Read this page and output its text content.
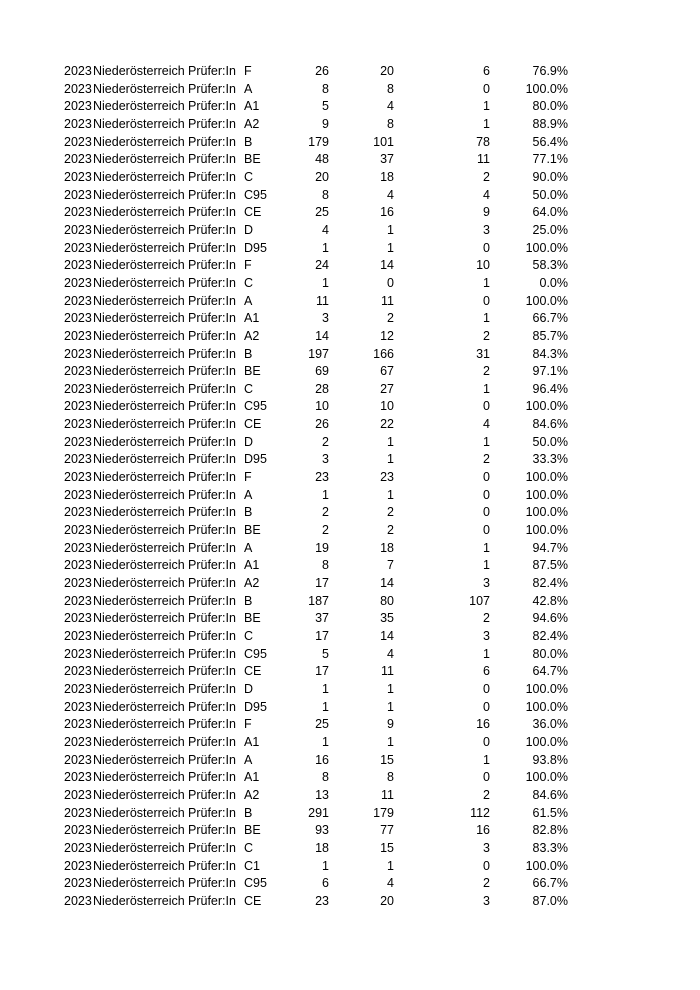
2023 Niederösterreich Prüfer:In F	26	20	6	76.9%
2023 Niederösterreich Prüfer:In A	8	8	0	100.0%
2023 Niederösterreich Prüfer:In A1	5	4	1	80.0%
2023 Niederösterreich Prüfer:In A2	9	8	1	88.9%
2023 Niederösterreich Prüfer:In B	179	101	78	56.4%
2023 Niederösterreich Prüfer:In BE	48	37	11	77.1%
2023 Niederösterreich Prüfer:In C	20	18	2	90.0%
2023 Niederösterreich Prüfer:In C95	8	4	4	50.0%
2023 Niederösterreich Prüfer:In CE	25	16	9	64.0%
2023 Niederösterreich Prüfer:In D	4	1	3	25.0%
2023 Niederösterreich Prüfer:In D95	1	1	0	100.0%
2023 Niederösterreich Prüfer:In F	24	14	10	58.3%
2023 Niederösterreich Prüfer:In C	1	0	1	0.0%
2023 Niederösterreich Prüfer:In A	11	11	0	100.0%
2023 Niederösterreich Prüfer:In A1	3	2	1	66.7%
2023 Niederösterreich Prüfer:In A2	14	12	2	85.7%
2023 Niederösterreich Prüfer:In B	197	166	31	84.3%
2023 Niederösterreich Prüfer:In BE	69	67	2	97.1%
2023 Niederösterreich Prüfer:In C	28	27	1	96.4%
2023 Niederösterreich Prüfer:In C95	10	10	0	100.0%
2023 Niederösterreich Prüfer:In CE	26	22	4	84.6%
2023 Niederösterreich Prüfer:In D	2	1	1	50.0%
2023 Niederösterreich Prüfer:In D95	3	1	2	33.3%
2023 Niederösterreich Prüfer:In F	23	23	0	100.0%
2023 Niederösterreich Prüfer:In A	1	1	0	100.0%
2023 Niederösterreich Prüfer:In B	2	2	0	100.0%
2023 Niederösterreich Prüfer:In BE	2	2	0	100.0%
2023 Niederösterreich Prüfer:In A	19	18	1	94.7%
2023 Niederösterreich Prüfer:In A1	8	7	1	87.5%
2023 Niederösterreich Prüfer:In A2	17	14	3	82.4%
2023 Niederösterreich Prüfer:In B	187	80	107	42.8%
2023 Niederösterreich Prüfer:In BE	37	35	2	94.6%
2023 Niederösterreich Prüfer:In C	17	14	3	82.4%
2023 Niederösterreich Prüfer:In C95	5	4	1	80.0%
2023 Niederösterreich Prüfer:In CE	17	11	6	64.7%
2023 Niederösterreich Prüfer:In D	1	1	0	100.0%
2023 Niederösterreich Prüfer:In D95	1	1	0	100.0%
2023 Niederösterreich Prüfer:In F	25	9	16	36.0%
2023 Niederösterreich Prüfer:In A1	1	1	0	100.0%
2023 Niederösterreich Prüfer:In A	16	15	1	93.8%
2023 Niederösterreich Prüfer:In A1	8	8	0	100.0%
2023 Niederösterreich Prüfer:In A2	13	11	2	84.6%
2023 Niederösterreich Prüfer:In B	291	179	112	61.5%
2023 Niederösterreich Prüfer:In BE	93	77	16	82.8%
2023 Niederösterreich Prüfer:In C	18	15	3	83.3%
2023 Niederösterreich Prüfer:In C1	1	1	0	100.0%
2023 Niederösterreich Prüfer:In C95	6	4	2	66.7%
2023 Niederösterreich Prüfer:In CE	23	20	3	87.0%
